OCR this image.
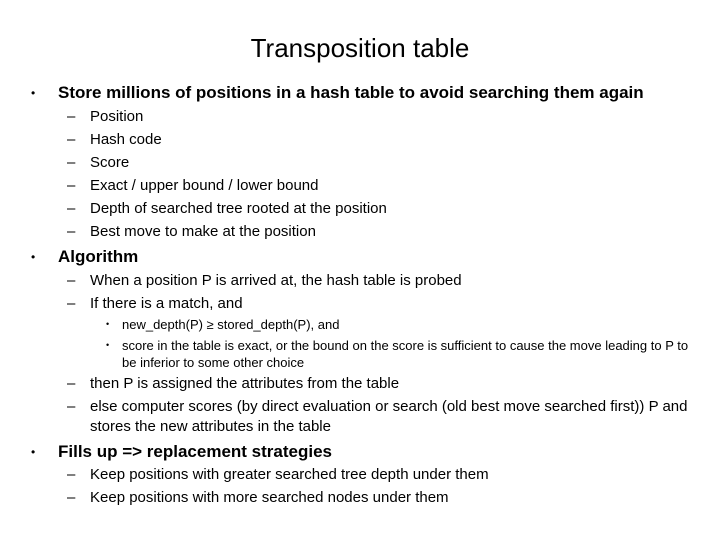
Transposition table
• Store millions of positions in a hash table to avoid searching them again
– Position
– Hash code
– Score
– Exact / upper bound / lower bound
– Depth of searched tree rooted at the position
– Best move to make at the position
• Algorithm
– When a position P is arrived at, the hash table is probed
– If there is a match, and
• new_depth(P) ≥ stored_depth(P), and
• score in the table is exact, or the bound on the score is sufficient to cause the move leading to P to be inferior to some other choice
– then P is assigned the attributes from the table
– else computer scores (by direct evaluation or search (old best move searched first)) P and stores the new attributes in the table
• Fills up => replacement strategies
– Keep positions with greater searched tree depth under them
– Keep positions with more searched nodes under them
